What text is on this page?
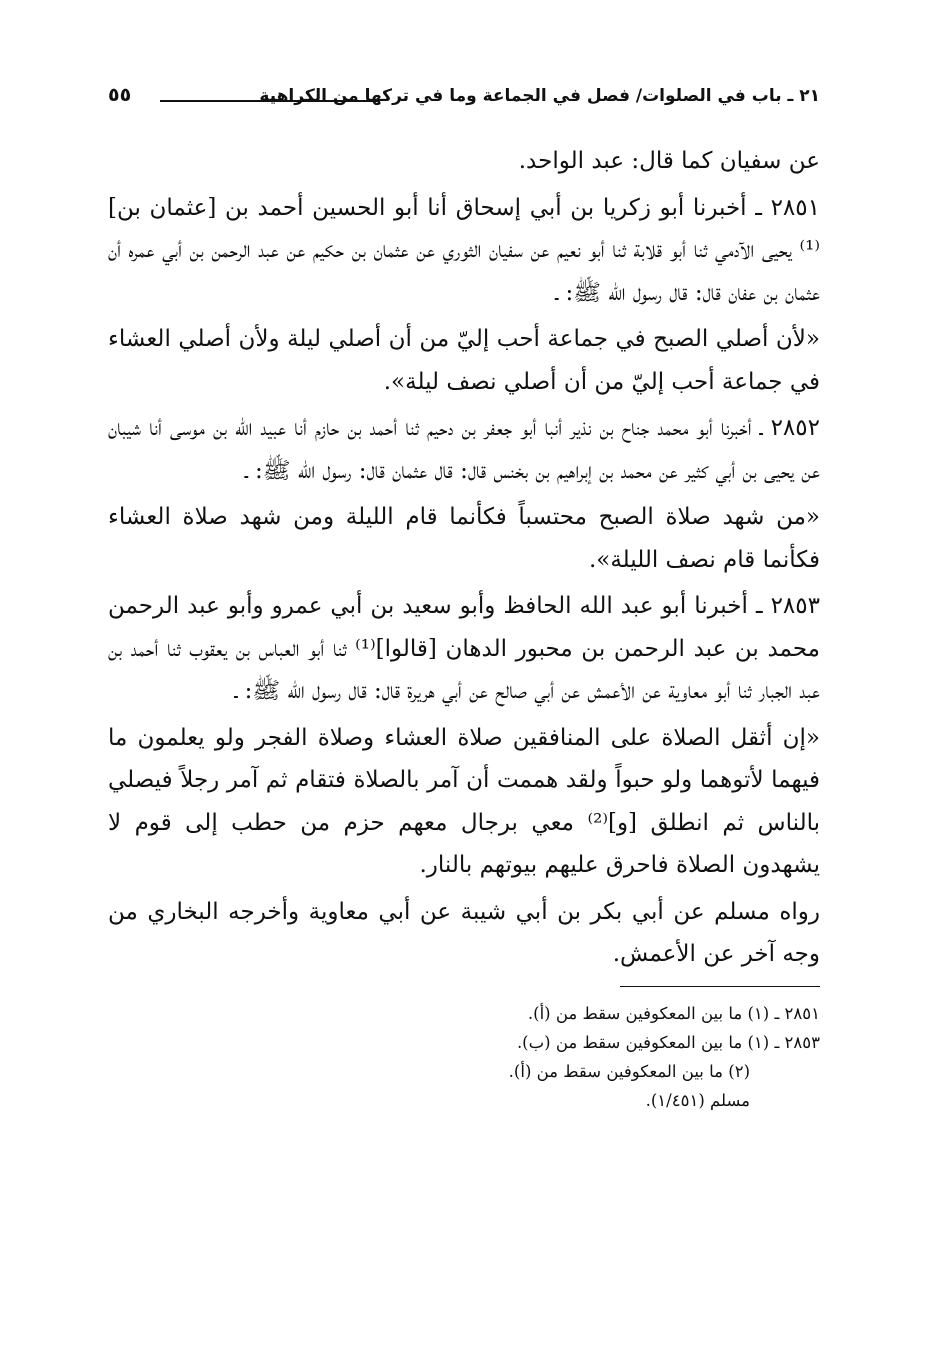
٢١ ـ باب في الصلوات/ فصل في الجماعة وما في تركها من الكراهية
٥٥

عن سفيان كما قال: عبد الواحد.

٢٨٥١ ـ أخبرنا أبو زكريا بن أبي إسحاق أنا أبو الحسين أحمد بن [عثمان بن]⁽¹⁾ يحيى الآدمي ثنا أبو قلابة ثنا أبو نعيم عن سفيان الثوري عن عثمان بن حكيم عن عبد الرحمن بن أبي عمره أن عثمان بن عفان قال: قال رسول الله ﷺ: ـ

«لأن أصلي الصبح في جماعة أحب إليّ من أن أصلي ليلة ولأن أصلي العشاء في جماعة أحب إليّ من أن أصلي نصف ليلة».

٢٨٥٢ ـ أخبرنا أبو محمد جناح بن نذير أنبا أبو جعفر بن دحيم ثنا أحمد بن حازم أنا عبيد الله بن موسى أنا شيبان عن يحيى بن أبي كثير عن محمد بن إبراهيم بن بخنس قال: قال عثمان قال: رسول الله ﷺ: ـ

«من شهد صلاة الصبح محتسباً فكأنما قام الليلة ومن شهد صلاة العشاء فكأنما قام نصف الليلة».

٢٨٥٣ ـ أخبرنا أبو عبد الله الحافظ وأبو سعيد بن أبي عمرو وأبو عبد الرحمن محمد بن عبد الرحمن بن محبور الدهان [قالوا]⁽¹⁾ ثنا أبو العباس بن يعقوب ثنا أحمد بن عبد الجبار ثنا أبو معاوية عن الأعمش عن أبي صالح عن أبي هريرة قال: قال رسول الله ﷺ: ـ

«إن أثقل الصلاة على المنافقين صلاة العشاء وصلاة الفجر ولو يعلمون ما فيهما لأتوهما ولو حبواً ولقد هممت أن آمر بالصلاة فتقام ثم آمر رجلاً فيصلي بالناس ثم انطلق [و]⁽²⁾ معي برجال معهم حزم من حطب إلى قوم لا يشهدون الصلاة فاحرق عليهم بيوتهم بالنار.

رواه مسلم عن أبي بكر بن أبي شيبة عن أبي معاوية وأخرجه البخاري من وجه آخر عن الأعمش.

٢٨٥١ ـ (١) ما بين المعكوفين سقط من (أ).

٢٨٥٣ ـ (١) ما بين المعكوفين سقط من (ب).

(٢) ما بين المعكوفين سقط من (أ).

مسلم (١/٤٥١).
